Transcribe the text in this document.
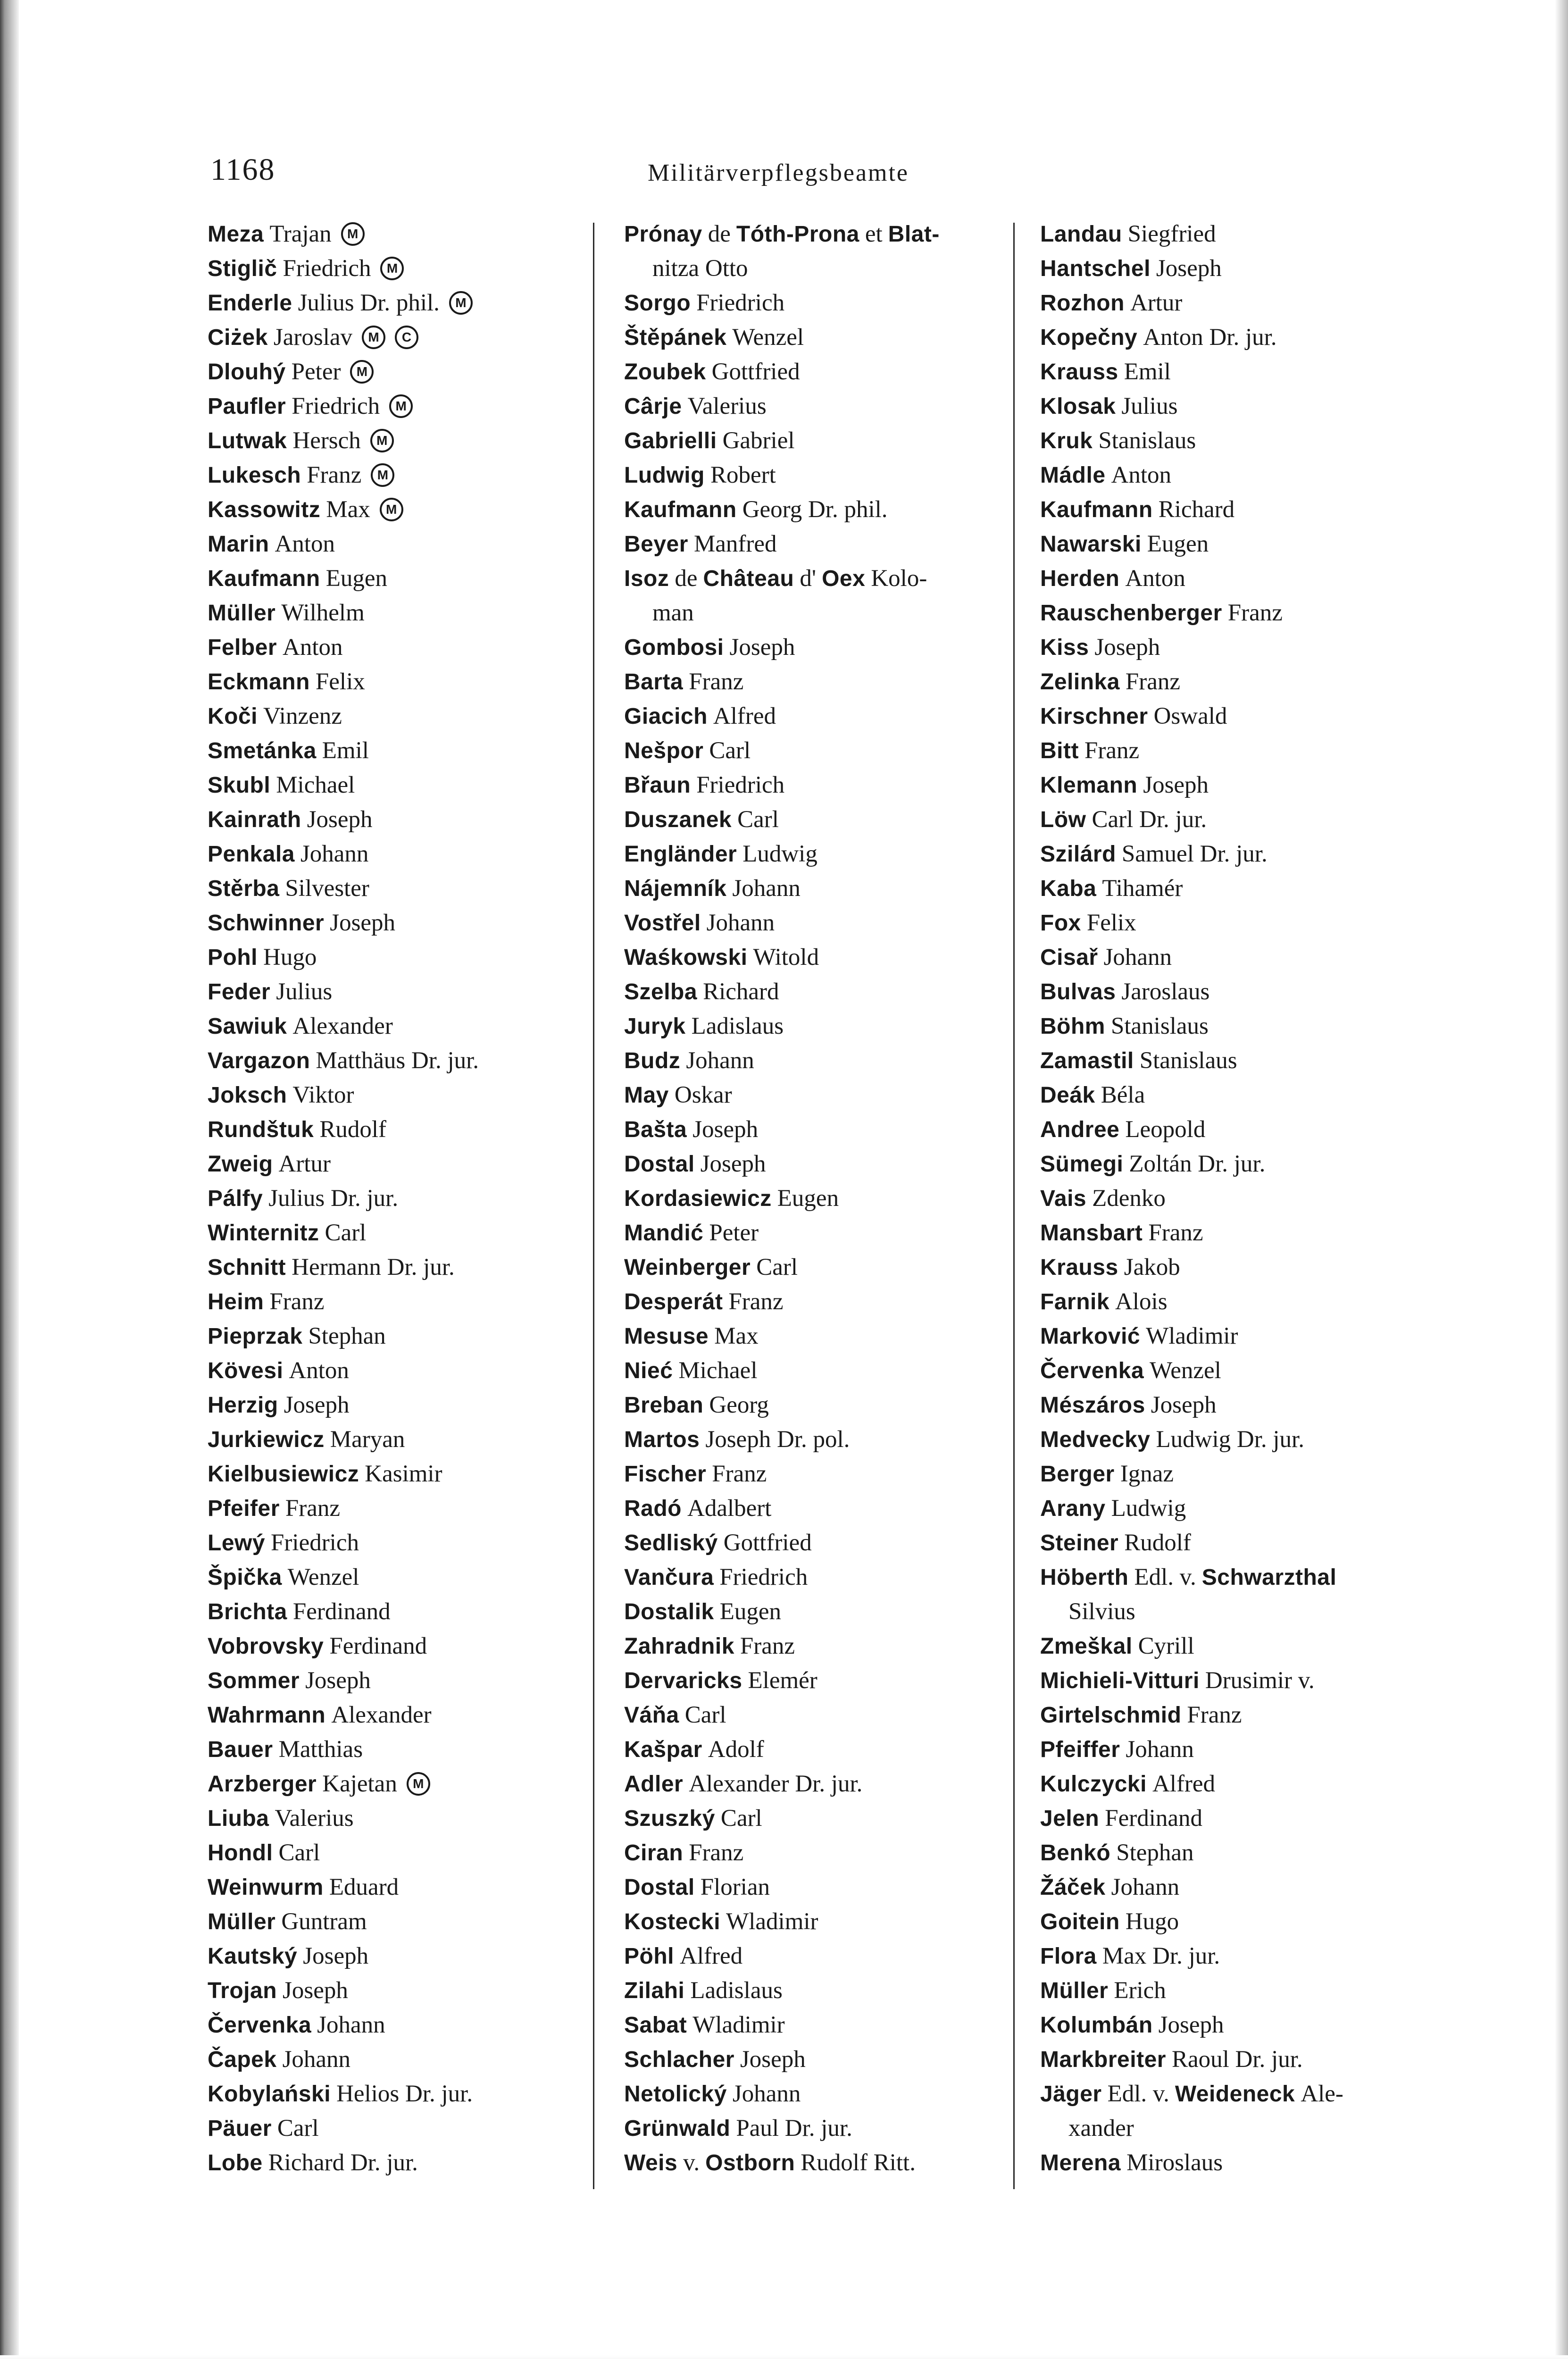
1168	Militärverpflegsbeamte
Meza Trajan M
Stiglič Friedrich M
Enderle Julius Dr. phil. M
Ciżek Jaroslav M C
Dlouhý Peter M
Paufler Friedrich M
Lutwak Hersch M
Lukesch Franz M
Kassowitz Max M
Marin Anton
Kaufmann Eugen
Müller Wilhelm
Felber Anton
Eckmann Felix
Koči Vinzenz
Smetánka Emil
Skubl Michael
Kainrath Joseph
Penkala Johann
Stěrba Silvester
Schwinner Joseph
Pohl Hugo
Feder Julius
Sawiuk Alexander
Vargazon Matthäus Dr. jur.
Joksch Viktor
Rundštuk Rudolf
Zweig Artur
Pálfy Julius Dr. jur.
Winternitz Carl
Schnitt Hermann Dr. jur.
Heim Franz
Pieprzak Stephan
Kövesi Anton
Herzig Joseph
Jurkiewicz Maryan
Kielbusiewicz Kasimir
Pfeifer Franz
Lewý Friedrich
Špička Wenzel
Brichta Ferdinand
Vobrovsky Ferdinand
Sommer Joseph
Wahrmann Alexander
Bauer Matthias
Arzberger Kajetan M
Liuba Valerius
Hondl Carl
Weinwurm Eduard
Müller Guntram
Kautský Joseph
Trojan Joseph
Červenka Johann
Čapek Johann
Kobylański Helios Dr. jur.
Päuer Carl
Lobe Richard Dr. jur.
Prónay de Tóth-Prona et Blat-
nitza Otto
Sorgo Friedrich
Štěpánek Wenzel
Zoubek Gottfried
Cârje Valerius
Gabrielli Gabriel
Ludwig Robert
Kaufmann Georg Dr. phil.
Beyer Manfred
Isoz de Château d' Oex Kolo-
man
Gombosi Joseph
Barta Franz
Giacich Alfred
Nešpor Carl
Břaun Friedrich
Duszanek Carl
Engländer Ludwig
Nájemník Johann
Vostřel Johann
Waśkowski Witold
Szelba Richard
Juryk Ladislaus
Budz Johann
May Oskar
Bašta Joseph
Dostal Joseph
Kordasiewicz Eugen
Mandić Peter
Weinberger Carl
Desperát Franz
Mesuse Max
Nieć Michael
Breban Georg
Martos Joseph Dr. pol.
Fischer Franz
Radó Adalbert
Sedliský Gottfried
Vančura Friedrich
Dostalik Eugen
Zahradnik Franz
Dervaricks Elemér
Váňa Carl
Kašpar Adolf
Adler Alexander Dr. jur.
Szuszký Carl
Ciran Franz
Dostal Florian
Kostecki Wladimir
Pöhl Alfred
Zilahi Ladislaus
Sabat Wladimir
Schlacher Joseph
Netolický Johann
Grünwald Paul Dr. jur.
Weis v. Ostborn Rudolf Ritt.
Landau Siegfried
Hantschel Joseph
Rozhon Artur
Kopečny Anton Dr. jur.
Krauss Emil
Klosak Julius
Kruk Stanislaus
Mádle Anton
Kaufmann Richard
Nawarski Eugen
Herden Anton
Rauschenberger Franz
Kiss Joseph
Zelinka Franz
Kirschner Oswald
Bitt Franz
Klemann Joseph
Löw Carl Dr. jur.
Szilárd Samuel Dr. jur.
Kaba Tihamér
Fox Felix
Cisař Johann
Bulvas Jaroslaus
Böhm Stanislaus
Zamastil Stanislaus
Deák Béla
Andree Leopold
Sümegi Zoltán Dr. jur.
Vais Zdenko
Mansbart Franz
Krauss Jakob
Farnik Alois
Marković Wladimir
Červenka Wenzel
Mészáros Joseph
Medvecky Ludwig Dr. jur.
Berger Ignaz
Arany Ludwig
Steiner Rudolf
Höberth Edl. v. Schwarzthal
Silvius
Zmeškal Cyrill
Michieli-Vitturi Drusimir v.
Girtelschmid Franz
Pfeiffer Johann
Kulczycki Alfred
Jelen Ferdinand
Benkó Stephan
Žáček Johann
Goitein Hugo
Flora Max Dr. jur.
Müller Erich
Kolumbán Joseph
Markbreiter Raoul Dr. jur.
Jäger Edl. v. Weideneck Ale-
xander
Merena Miroslaus
